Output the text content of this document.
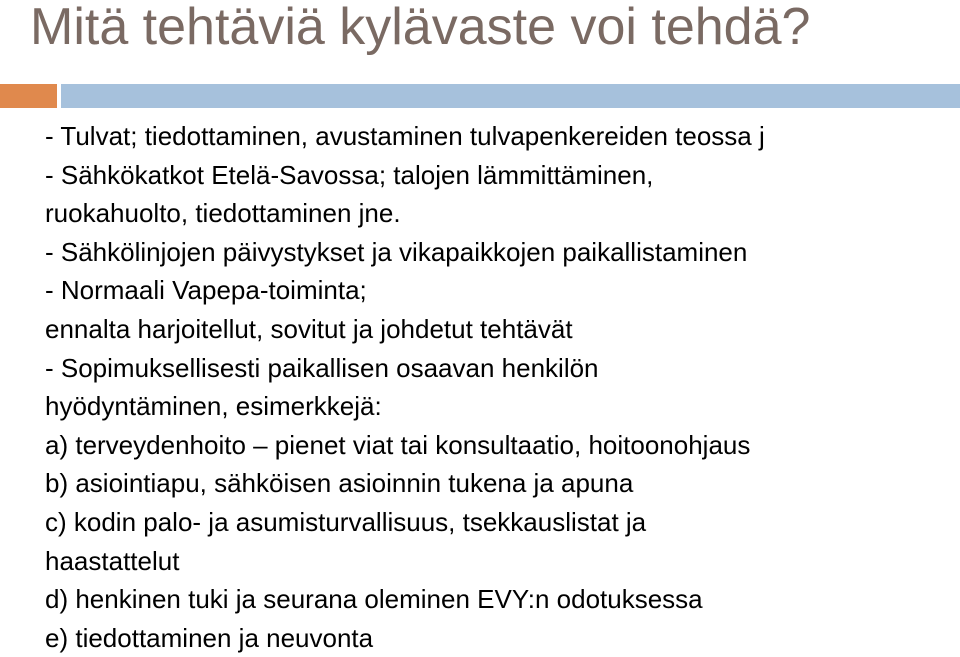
Mitä tehtäviä kylävaste voi tehdä?
- Tulvat; tiedottaminen, avustaminen tulvapenkereiden teossa j
- Sähkökatkot Etelä-Savossa; talojen lämmittäminen,
ruokahuolto, tiedottaminen jne.
- Sähkölinjojen päivystykset ja vikapaikkojen paikallistaminen
- Normaali Vapepa-toiminta;
ennalta harjoitellut, sovitut ja johdetut tehtävät
- Sopimuksellisesti paikallisen osaavan henkilön
hyödyntäminen, esimerkkejä:
a) terveydenhoito – pienet viat tai konsultaatio, hoitoonohjaus
b) asiointiapu, sähköisen asioinnin tukena ja apuna
c) kodin palo- ja asumisturvallisuus, tsekkauslistat ja
haastattelut
d) henkinen tuki ja seurana oleminen EVY:n odotuksessa
e) tiedottaminen ja neuvonta
